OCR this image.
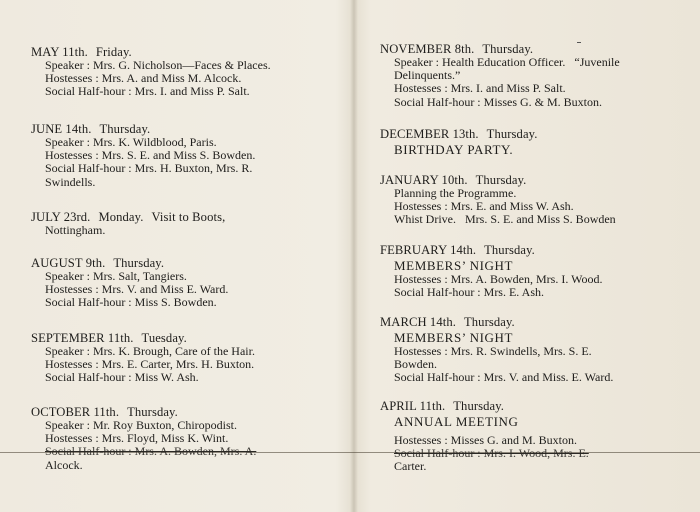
MAY 11th. Friday.
Speaker : Mrs. G. Nicholson—Faces & Places.
Hostesses : Mrs. A. and Miss M. Alcock.
Social Half-hour : Mrs. I. and Miss P. Salt.
JUNE 14th. Thursday.
Speaker : Mrs. K. Wildblood, Paris.
Hostesses : Mrs. S. E. and Miss S. Bowden.
Social Half-hour : Mrs. H. Buxton, Mrs. R.
Swindells.
JULY 23rd. Monday. Visit to Boots,
Nottingham.
AUGUST 9th. Thursday.
Speaker : Mrs. Salt, Tangiers.
Hostesses : Mrs. V. and Miss E. Ward.
Social Half-hour : Miss S. Bowden.
SEPTEMBER 11th. Tuesday.
Speaker : Mrs. K. Brough, Care of the Hair.
Hostesses : Mrs. E. Carter, Mrs. H. Buxton.
Social Half-hour : Miss W. Ash.
OCTOBER 11th. Thursday.
Speaker : Mr. Roy Buxton, Chiropodist.
Hostesses : Mrs. Floyd, Miss K. Wint.
Social Half-hour : Mrs. A. Bowden, Mrs. A.
Alcock.
NOVEMBER 8th. Thursday.
Speaker : Health Education Officer. “Juvenile
Delinquents.”
Hostesses : Mrs. I. and Miss P. Salt.
Social Half-hour : Misses G. & M. Buxton.
DECEMBER 13th. Thursday.
BIRTHDAY PARTY.
JANUARY 10th. Thursday.
Planning the Programme.
Hostesses : Mrs. E. and Miss W. Ash.
Whist Drive. Mrs. S. E. and Miss S. Bowden
FEBRUARY 14th. Thursday.
MEMBERS’ NIGHT
Hostesses : Mrs. A. Bowden, Mrs. I. Wood.
Social Half-hour : Mrs. E. Ash.
MARCH 14th. Thursday.
MEMBERS’ NIGHT
Hostesses : Mrs. R. Swindells, Mrs. S. E.
Bowden.
Social Half-hour : Mrs. V. and Miss. E. Ward.
APRIL 11th. Thursday.
ANNUAL MEETING
Hostesses : Misses G. and M. Buxton.
Social Half-hour : Mrs. I. Wood, Mrs. E.
Carter.
